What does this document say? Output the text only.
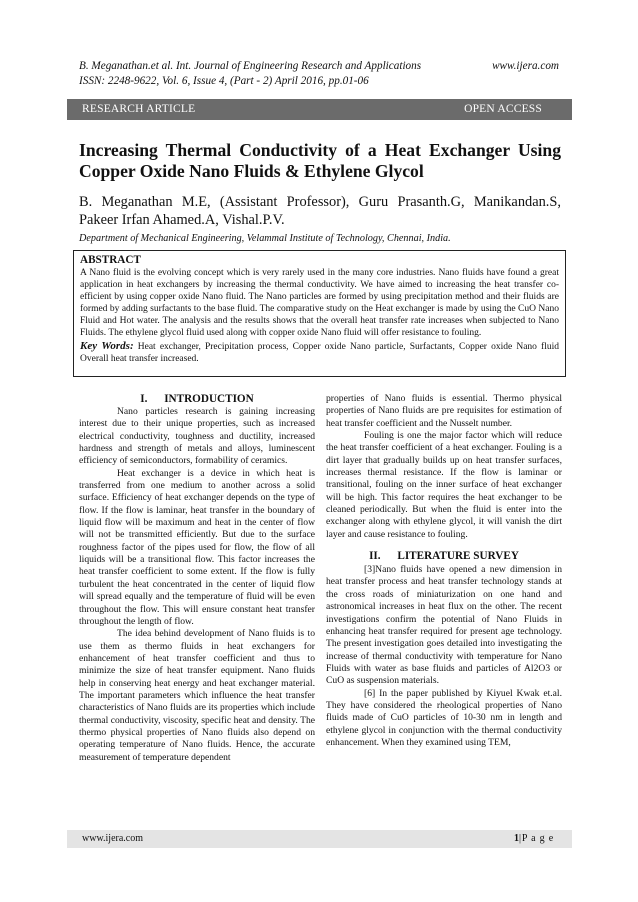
B. Meganathan.et al. Int. Journal of Engineering Research and Applications	www.ijera.com
ISSN: 2248-9622, Vol. 6, Issue 4, (Part - 2) April 2016, pp.01-06
RESEARCH ARTICLE	OPEN ACCESS
Increasing Thermal Conductivity of a Heat Exchanger Using Copper Oxide Nano Fluids & Ethylene Glycol

B. Meganathan M.E, (Assistant Professor), Guru Prasanth.G, Manikandan.S, Pakeer Irfan Ahamed.A, Vishal.P.V.

Department of Mechanical Engineering, Velammal Institute of Technology, Chennai, India.
ABSTRACT

A Nano fluid is the evolving concept which is very rarely used in the many core industries. Nano fluids have found a great application in heat exchangers by increasing the thermal conductivity. We have aimed to increasing the heat transfer co-efficient by using copper oxide Nano fluid. The Nano particles are formed by using precipitation method and their fluids are formed by adding surfactants to the base fluid. The comparative study on the Heat exchanger is made by using the CuO Nano Fluid and Hot water. The analysis and the results shows that the overall heat transfer rate increases when subjected to Nano Fluids. The ethylene glycol fluid used along with copper oxide Nano fluid will offer resistance to fouling.

Key Words: Heat exchanger, Precipitation process, Copper oxide Nano particle, Surfactants, Copper oxide Nano fluid Overall heat transfer increased.

I.      INTRODUCTION

Nano particles research is gaining increasing interest due to their unique properties, such as increased electrical conductivity, toughness and ductility, increased hardness and strength of metals and alloys, luminescent efficiency of semiconductors, formability of ceramics.

Heat exchanger is a device in which heat is transferred from one medium to another across a solid surface. Efficiency of heat exchanger depends on the type of flow. If the flow is laminar, heat transfer in the boundary of liquid flow will be maximum and heat in the center of flow will not be transmitted efficiently. But due to the surface roughness factor of the pipes used for flow, the flow of all liquids will be a transitional flow. This factor increases the heat transfer coefficient to some extent. If the flow is fully turbulent the heat concentrated in the center of liquid flow will spread equally and the temperature of fluid will be even throughout the flow. This will ensure constant heat transfer throughout the length of flow.

The idea behind development of Nano fluids is to use them as thermo fluids in heat exchangers for enhancement of heat transfer coefficient and thus to minimize the size of heat transfer equipment. Nano fluids help in conserving heat energy and heat exchanger material. The important parameters which influence the heat transfer characteristics of Nano fluids are its properties which include thermal conductivity, viscosity, specific heat and density. The thermo physical properties of Nano fluids also depend on operating temperature of Nano fluids. Hence, the accurate measurement of temperature dependent

properties of Nano fluids is essential. Thermo physical properties of Nano fluids are pre requisites for estimation of heat transfer coefficient and the Nusselt number.

Fouling is one the major factor which will reduce the heat transfer coefficient of a heat exchanger. Fouling is a dirt layer that gradually builds up on heat transfer surfaces, increases thermal resistance. If the flow is laminar or transitional, fouling on the inner surface of heat exchanger will be high. This factor requires the heat exchanger to be cleaned periodically. But when the fluid is enter into the exchanger along with ethylene glycol, it will vanish the dirt layer and cause resistance to fouling.

II.      LITERATURE SURVEY

[3]Nano fluids have opened a new dimension in heat transfer process and heat transfer technology stands at the cross roads of miniaturization on one hand and astronomical increases in heat flux on the other. The recent investigations confirm the potential of Nano Fluids in enhancing heat transfer required for present age technology. The present investigation goes detailed into investigating the increase of thermal conductivity with temperature for Nano Fluids with water as base fluids and particles of Al2O3 or CuO as suspension materials.

[6] In the paper published by Kiyuel Kwak et.al. They have considered the rheological properties of Nano fluids made of CuO particles of 10-30 nm in length and ethylene glycol in conjunction with the thermal conductivity enhancement. When they examined using TEM,

www.ijera.com	1|P a g e
